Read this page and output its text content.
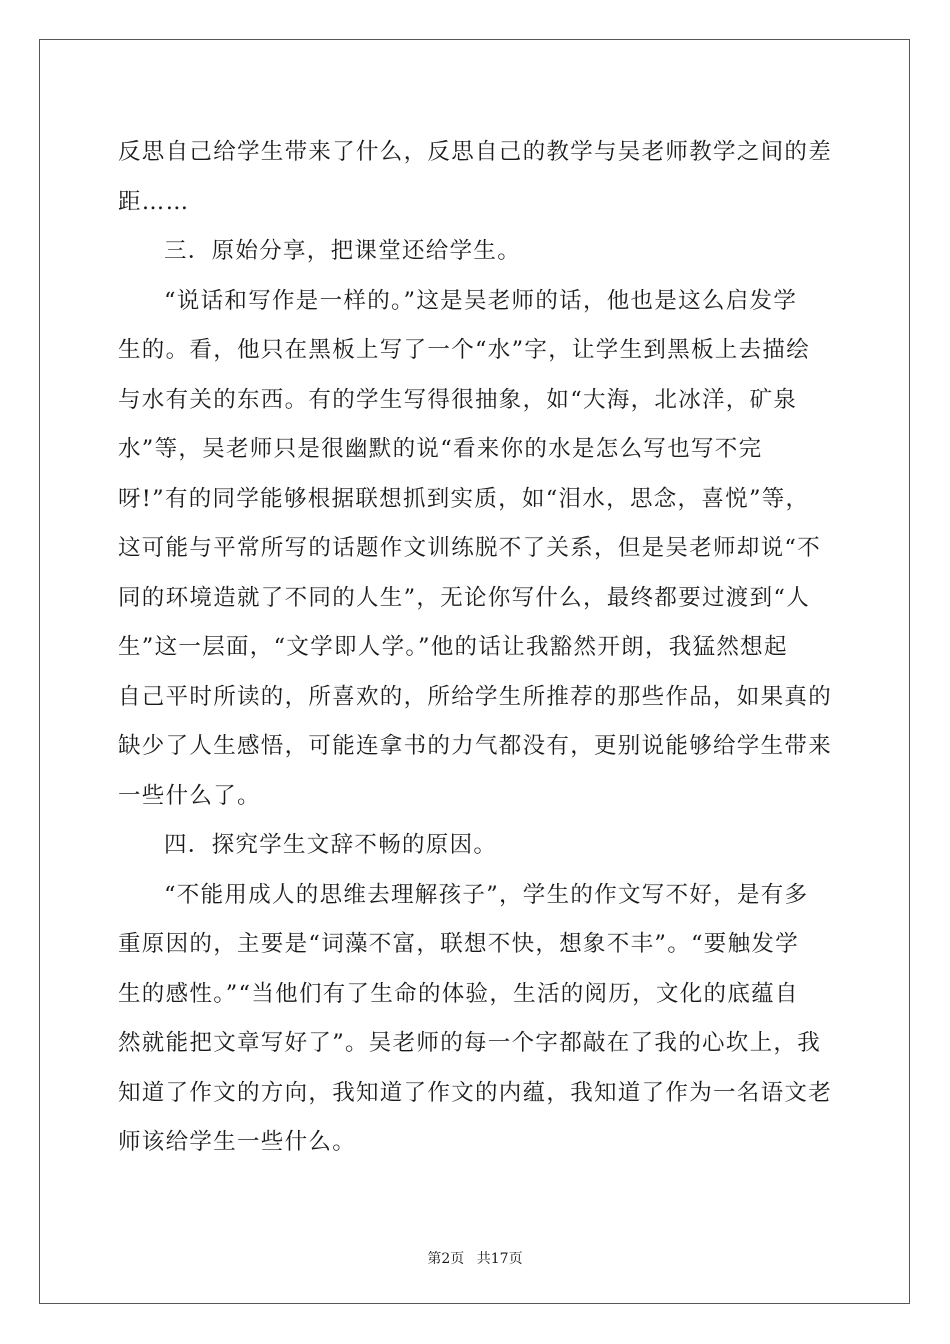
反思自己给学生带来了什么，反思自己的教学与吴老师教学之间的差
距……
三．原始分享，把课堂还给学生。
“说话和写作是一样的。”这是吴老师的话，他也是这么启发学
生的。看，他只在黑板上写了一个“水”字，让学生到黑板上去描绘
与水有关的东西。有的学生写得很抽象，如“大海，北冰洋，矿泉
水”等，吴老师只是很幽默的说“看来你的水是怎么写也写不完
呀!”有的同学能够根据联想抓到实质，如“泪水，思念，喜悦”等，
这可能与平常所写的话题作文训练脱不了关系，但是吴老师却说“不
同的环境造就了不同的人生”，无论你写什么，最终都要过渡到“人
生”这一层面，“文学即人学。”他的话让我豁然开朗，我猛然想起
自己平时所读的，所喜欢的，所给学生所推荐的那些作品，如果真的
缺少了人生感悟，可能连拿书的力气都没有，更别说能够给学生带来
一些什么了。
四．探究学生文辞不畅的原因。
“不能用成人的思维去理解孩子”，学生的作文写不好，是有多
重原因的，主要是“词藻不富，联想不快，想象不丰”。“要触发学
生的感性。”“当他们有了生命的体验，生活的阅历，文化的底蕴自
然就能把文章写好了”。吴老师的每一个字都敲在了我的心坎上，我
知道了作文的方向，我知道了作文的内蕴，我知道了作为一名语文老
师该给学生一些什么。
第2页 共17页
